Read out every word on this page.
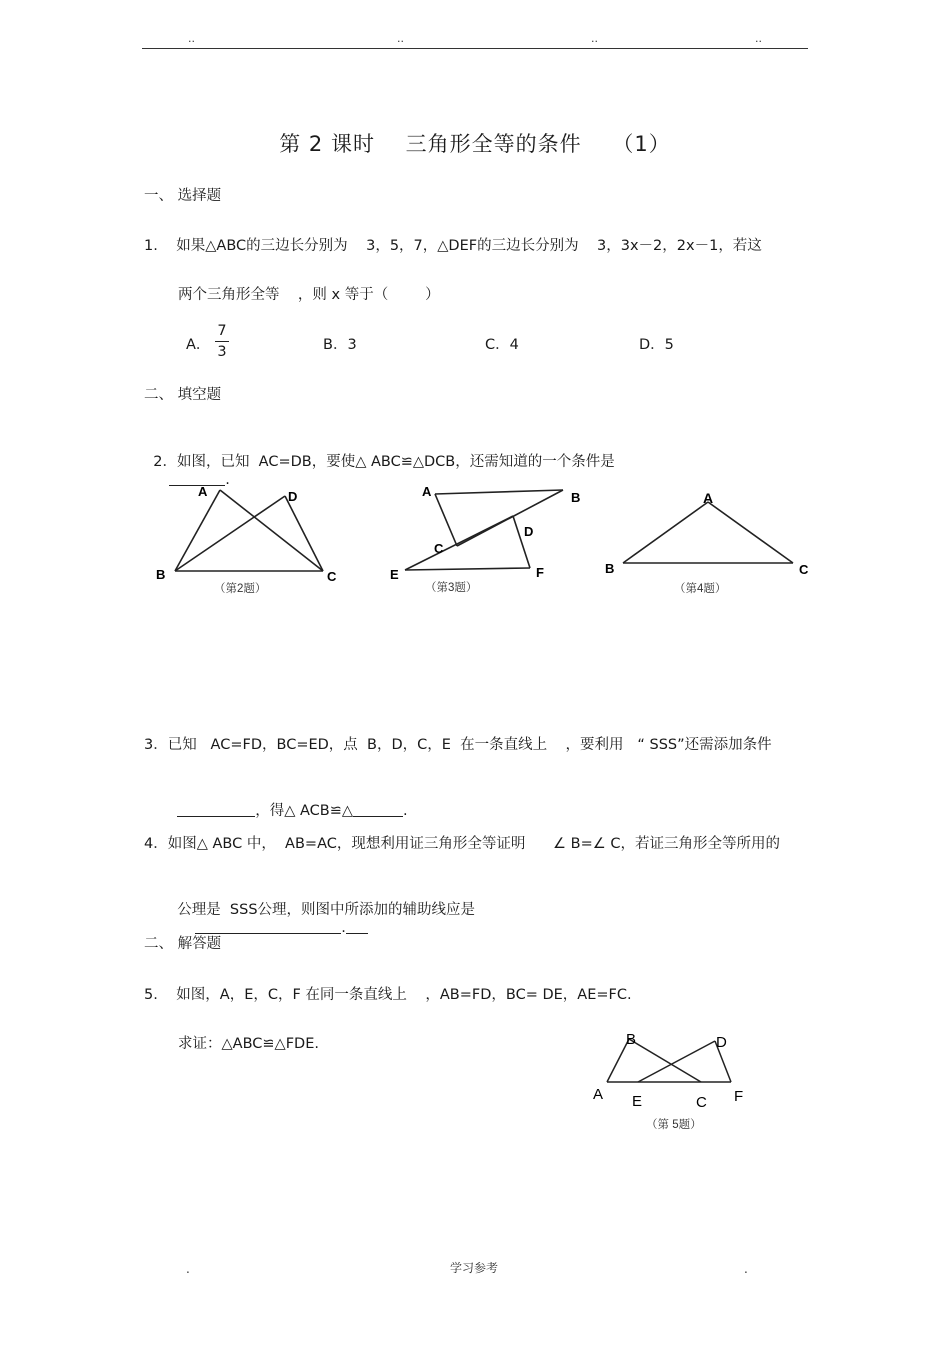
..	..	..	..
第 2 课时    三角形全等的条件    （1）
一、 选择题
1.    如果△ABC的三边长分别为    3，5，7，△DEF的三边长分别为    3，3x－2，2x－1，若这
两个三角形全等    ，则 x 等于（        ）
A．
7
3	B．3	C．4	D．5
二、 填空题

2．如图，已知  AC=DB，要使△ ABC≌△DCB，还需知道的一个条件是
.

A	D
B	C
（第2题）
A	B
C
D
E	F
（第3题）
A
B	C
（第4题）
3．已知   AC=FD，BC=ED，点  B，D，C，E  在一条直线上    ，要利用   “ SSS”还需添加条件

，得△ ACB≌△	.

4．如图△ ABC 中，  AB=AC，现想利用证三角形全等证明      ∠ B=∠ C，若证三角形全等所用的

公理是  SSS公理，则图中所添加的辅助线应是
.

二、 解答题
5.    如图，A，E，C，F 在同一条直线上    ，AB=FD，BC= DE，AE=FC.
求证：△ABC≌△FDE.	B	D
A E	C F
（第 5题）
.	学习参考	.
